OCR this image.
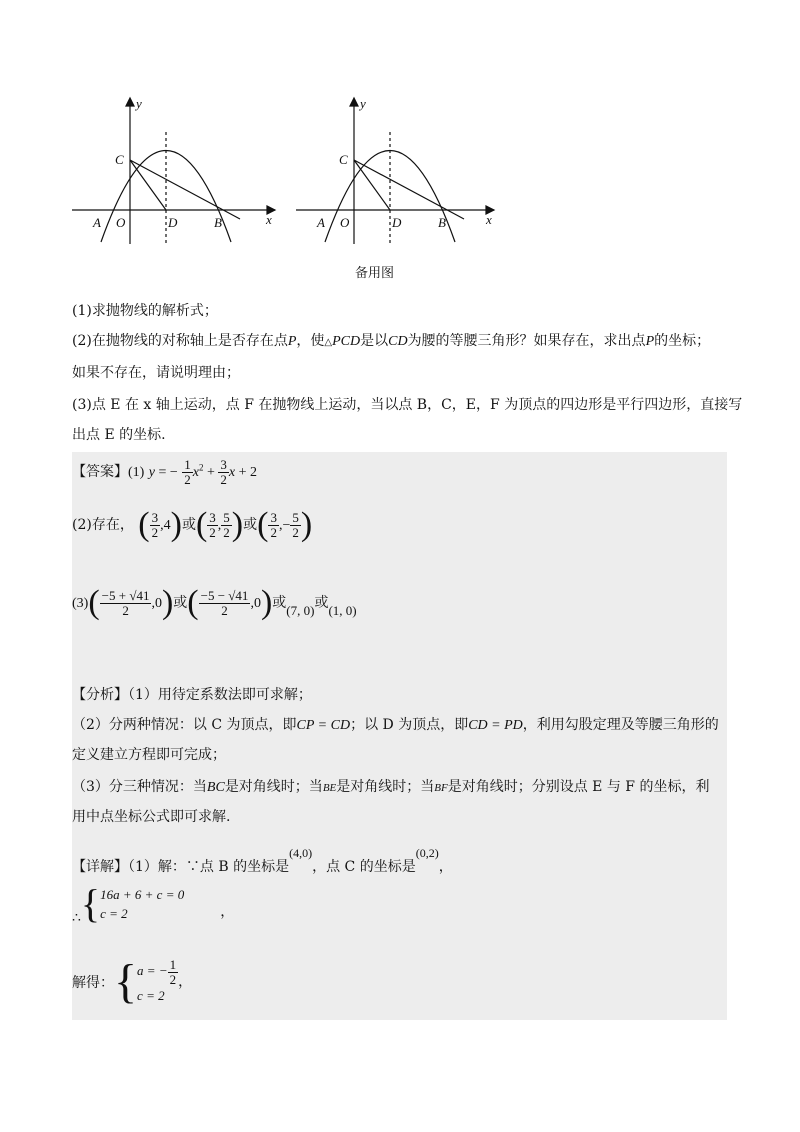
y
x
C
A O	D	B
y
x
C
A O	D	B
备用图
(1)求抛物线的解析式；
(2)在抛物线的对称轴上是否存在点P，使△PCD是以CD为腰的等腰三角形？如果存在，求出点P的坐标；
如果不存在，请说明理由；
(3)点 E 在 x 轴上运动，点 F 在抛物线上运动，当以点 B，C，E，F 为顶点的四边形是平行四边形，直接写
出点 E 的坐标.
【答案】(1) y = − $\frac{1}{2} x^2 + \frac{3}{2}$ x + 2
(2)存在， ( $\frac{3}{2} ,4$)或( $\frac{3}{2}$ , $\frac{5}{2}$ )或( $\frac{3}{2}$ ,− $\frac{5}{2}$ )
$(3)( \frac{-5 + √41}{2} ,0)$或( $\frac{-5 - √41}{2} ,0$)或(7, 0)或(1, 0)
【分析】（1）用待定系数法即可求解；
（2）分两种情况：以 C 为顶点，即CP = CD；以 D 为顶点，即CD = PD，利用勾股定理及等腰三角形的
定义建立方程即可完成；
（3）分三种情况：当BC是对角线时；当BE是对角线时；当BF是对角线时；分别设点 E 与 F 的坐标，利
用中点坐标公式即可求解.
【详解】（1）解：∵点 B 的坐标是(4,0)，点 C 的坐标是(0,2)，
∴{ 16a + 6 + c = 0
c = 2	，
解得：{ a = − $\frac{1}{2}$
c = 2
，
